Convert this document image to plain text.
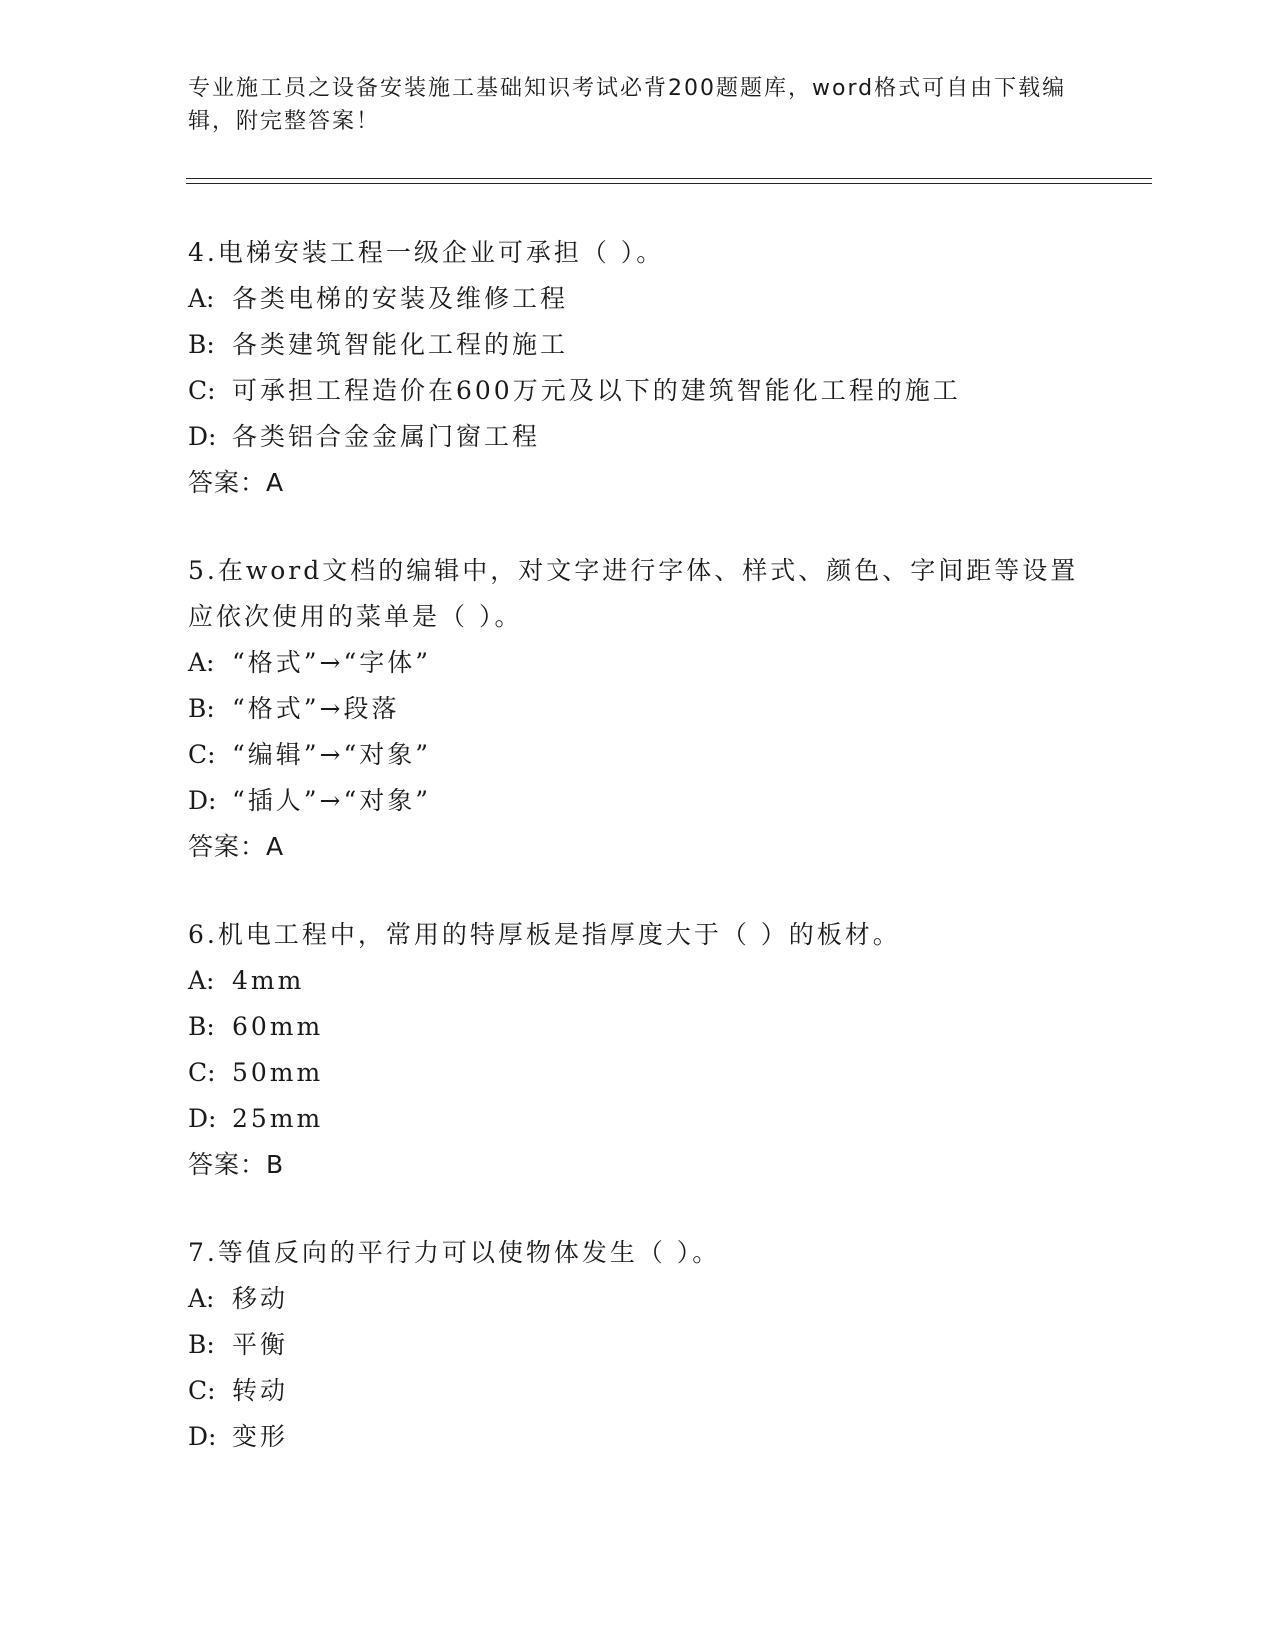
专业施工员之设备安装施工基础知识考试必背200题题库，word格式可自由下载编辑，附完整答案！
4.电梯安装工程一级企业可承担（ ）。
A: 各类电梯的安装及维修工程
B: 各类建筑智能化工程的施工
C: 可承担工程造价在600万元及以下的建筑智能化工程的施工
D: 各类铝合金金属门窗工程
答案：A
5.在word文档的编辑中，对文字进行字体、样式、颜色、字间距等设置应依次使用的菜单是（ ）。
A: “格式”→“字体”
B: “格式”→段落
C: “编辑”→“对象”
D: “插人”→“对象”
答案：A
6.机电工程中，常用的特厚板是指厚度大于（ ）的板材。
A: 4mm
B: 60mm
C: 50mm
D: 25mm
答案：B
7.等值反向的平行力可以使物体发生（ ）。
A: 移动
B: 平衡
C: 转动
D: 变形
